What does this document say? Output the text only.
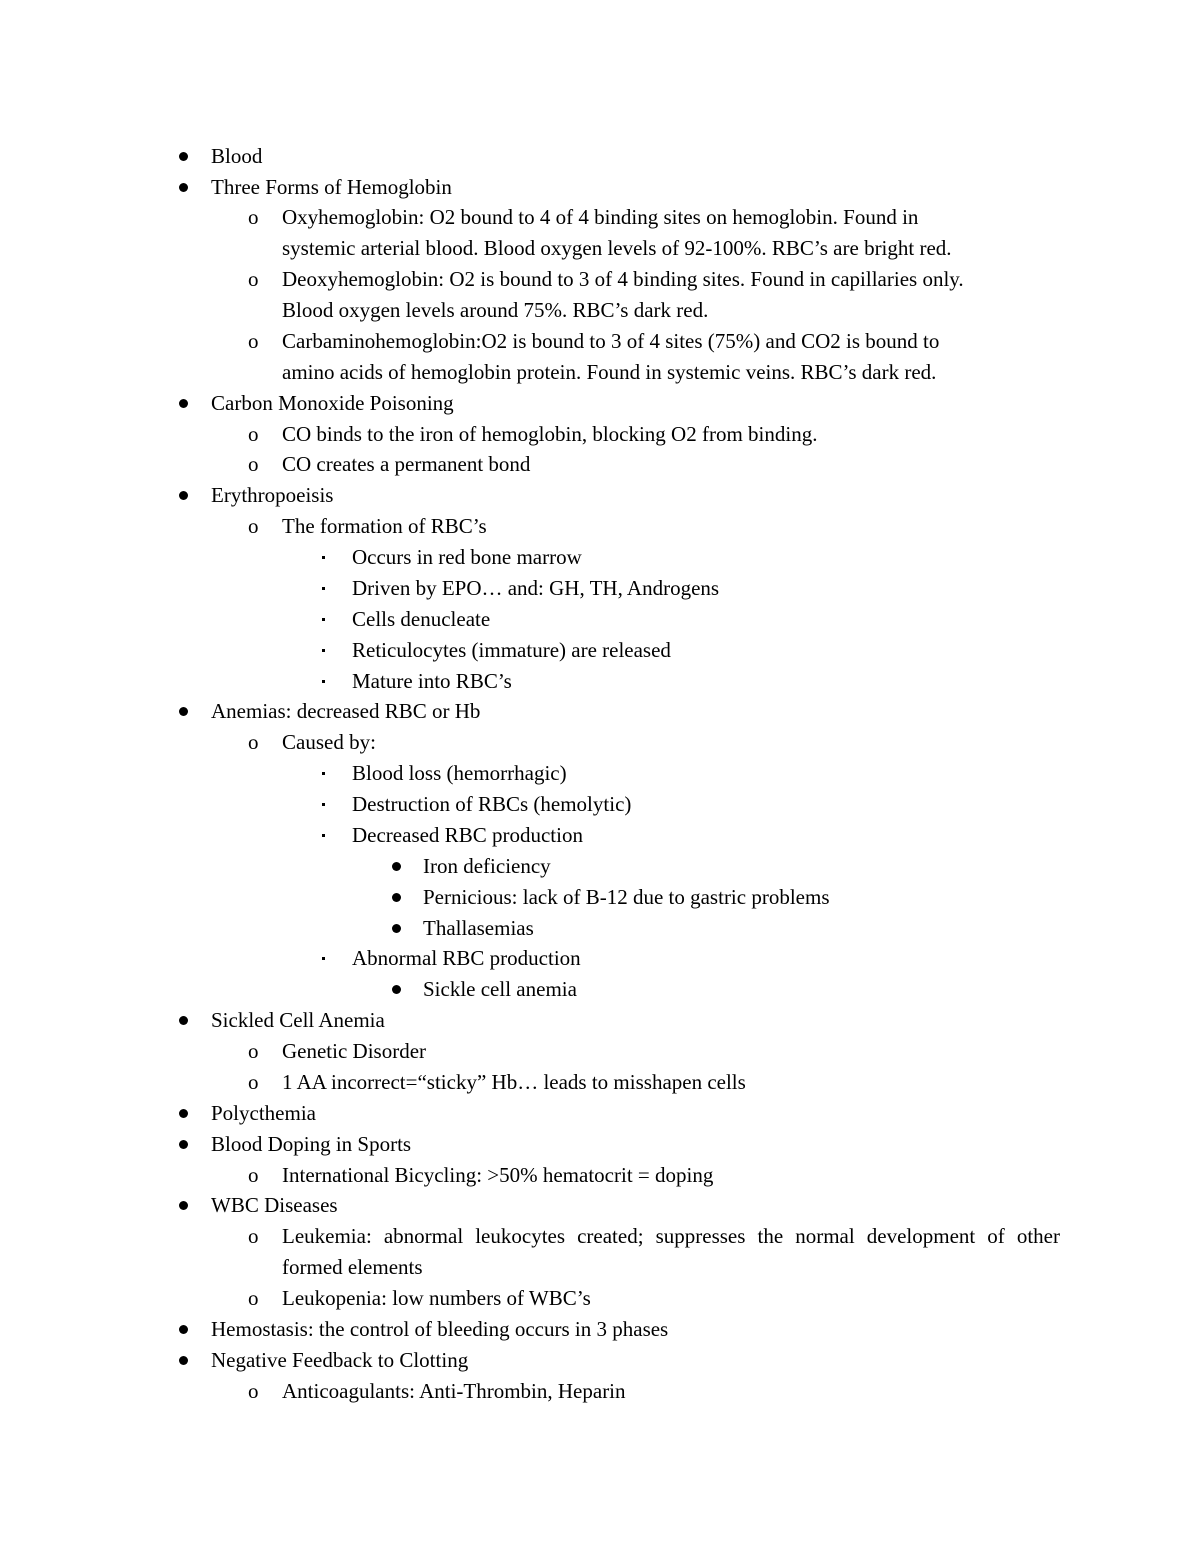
Blood
Three Forms of Hemoglobin
o Oxyhemoglobin: O2 bound to 4 of 4 binding sites on hemoglobin. Found in
systemic arterial blood. Blood oxygen levels of 92-100%. RBC’s are bright red.
o Deoxyhemoglobin: O2 is bound to 3 of 4 binding sites. Found in capillaries only.
Blood oxygen levels around 75%. RBC’s dark red.
o Carbaminohemoglobin:O2 is bound to 3 of 4 sites (75%) and CO2 is bound to
amino acids of hemoglobin protein. Found in systemic veins. RBC’s dark red.
Carbon Monoxide Poisoning
o CO binds to the iron of hemoglobin, blocking O2 from binding.
o CO creates a permanent bond
Erythropoeisis
o The formation of RBC’s
Occurs in red bone marrow
Driven by EPO… and: GH, TH, Androgens
Cells denucleate
Reticulocytes (immature) are released
Mature into RBC’s
Anemias: decreased RBC or Hb
o Caused by:
Blood loss (hemorrhagic)
Destruction of RBCs (hemolytic)
Decreased RBC production
Iron deficiency
Pernicious: lack of B-12 due to gastric problems
Thallasemias
Abnormal RBC production
Sickle cell anemia
Sickled Cell Anemia
o Genetic Disorder
o 1 AA incorrect=“sticky” Hb… leads to misshapen cells
Polycthemia
Blood Doping in Sports
o International Bicycling: >50% hematocrit = doping
WBC Diseases
o Leukemia: abnormal leukocytes created; suppresses the normal development of other formed elements
o Leukopenia: low numbers of WBC’s
Hemostasis: the control of bleeding occurs in 3 phases
Negative Feedback to Clotting
o Anticoagulants: Anti-Thrombin, Heparin
